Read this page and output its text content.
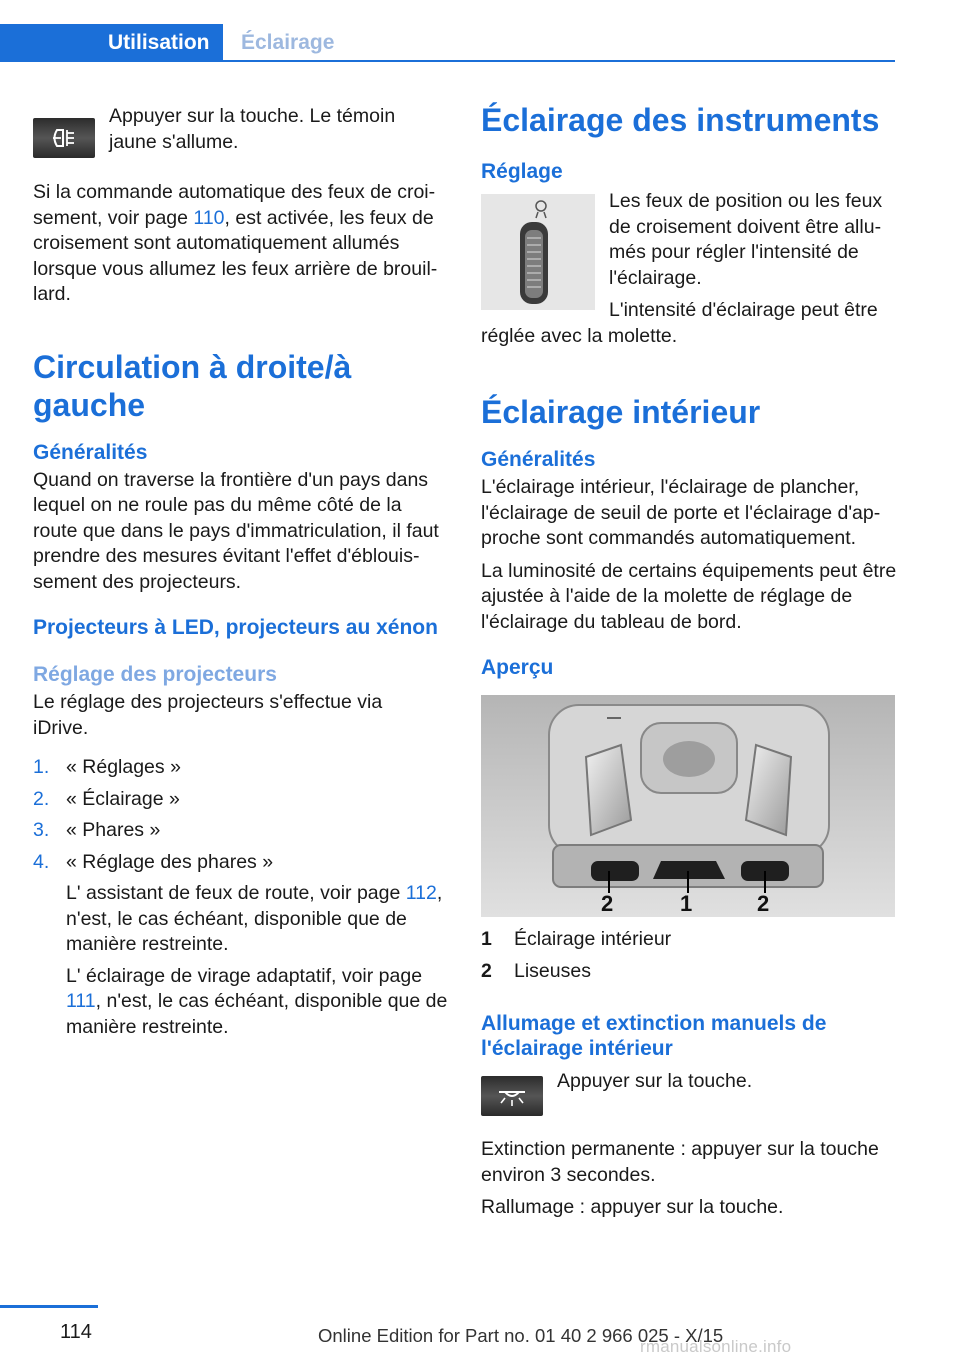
Utilisation	Éclairage

Appuyer sur la touche. Le témoin jaune s'allume.

Si la commande automatique des feux de croisement, voir page 110, est activée, les feux de croisement sont automatiquement allumés lorsque vous allumez les feux arrière de brouillard.

Circulation à droite/à gauche
Généralités

Quand on traverse la frontière d'un pays dans lequel on ne roule pas du même côté de la route que dans le pays d'immatriculation, il faut prendre des mesures évitant l'effet d'éblouissement des projecteurs.

Projecteurs à LED, projecteurs au xénon
Réglage des projecteurs

Le réglage des projecteurs s'effectue via iDrive.

1. « Réglages »
2. « Éclairage »
3. « Phares »
4. « Réglage des phares »

L' assistant de feux de route, voir page 112, n'est, le cas échéant, disponible que de manière restreinte.

L' éclairage de virage adaptatif, voir page 111, n'est, le cas échéant, disponible que de manière restreinte.

Éclairage des instruments
Réglage

Les feux de position ou les feux de croisement doivent être allumés pour régler l'intensité de l'éclairage.

L'intensité d'éclairage peut être réglée avec la molette.

Éclairage intérieur
Généralités

L'éclairage intérieur, l'éclairage de plancher, l'éclairage de seuil de porte et l'éclairage d'approche sont commandés automatiquement.

La luminosité de certains équipements peut être ajustée à l'aide de la molette de réglage de l'éclairage du tableau de bord.

Aperçu
2	1	2
1 Éclairage intérieur
2 Liseuses
Allumage et extinction manuels de l'éclairage intérieur

Appuyer sur la touche.

Extinction permanente : appuyer sur la touche environ 3 secondes.

Rallumage : appuyer sur la touche.

114	Online Edition for Part no. 01 40 2 966 025 - X/15
rmanualsonline.info
